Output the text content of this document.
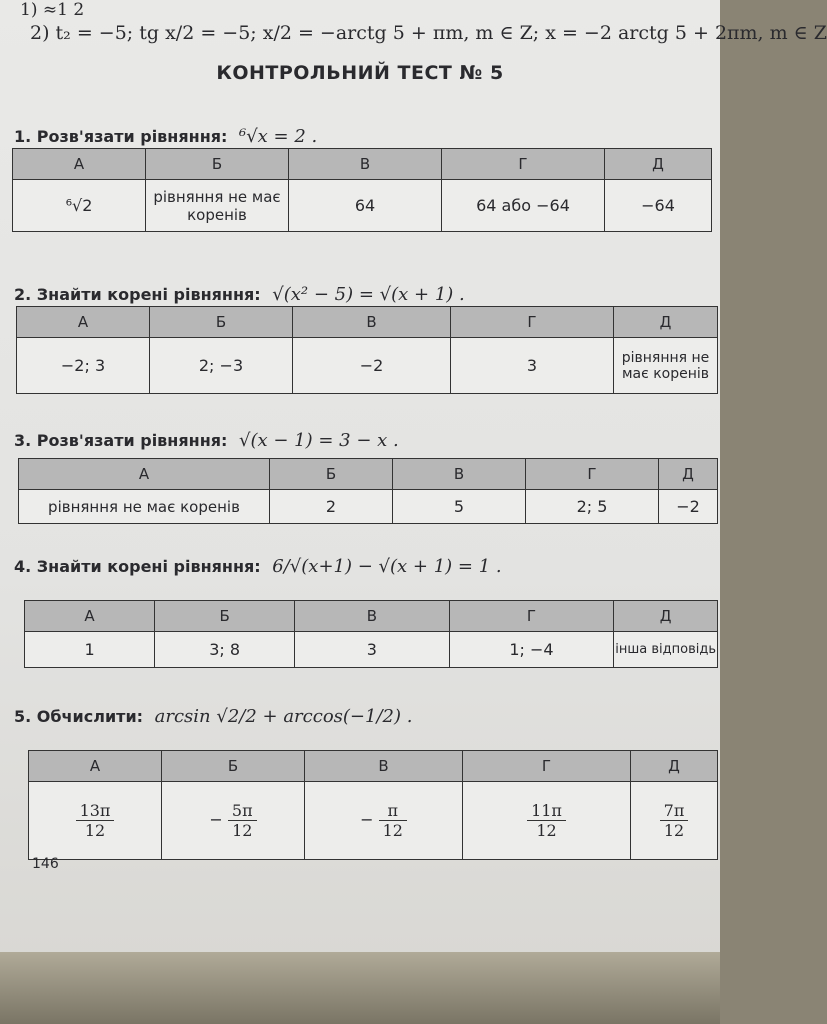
1) ≈1 2
2) t₂ = −5; tg x/2 = −5; x/2 = −arctg 5 + πm, m ∈ Z; x = −2 arctg 5 + 2πm, m ∈ Z
КОНТРОЛЬНИЙ ТЕСТ № 5
1. Розв'язати рівняння: ⁶√x = 2 .
А	Б	В	Г	Д
⁶√2	рівняння не має коренів	64	64 або −64	−64
2. Знайти корені рівняння: √(x² − 5) = √(x + 1) .
А	Б	В	Г	Д
−2; 3	2; −3	−2	3	рівняння не має коренів
3. Розв'язати рівняння: √(x − 1) = 3 − x .
А	Б	В	Г	Д
рівняння не має коренів	2	5	2; 5	−2
4. Знайти корені рівняння: 6/√(x+1) − √(x + 1) = 1 .
А	Б	В	Г	Д
1	3; 8	3	1; −4	інша відповідь
5. Обчислити: arcsin √2/2 + arccos(−1/2) .
А	Б	В	Г	Д

$\frac{13\pi}{12}$	− $\frac{5\pi}{12}$	− $\frac{\pi}{12}$	$\frac{11\pi}{12}$	$\frac{7\pi}{12}$
146
